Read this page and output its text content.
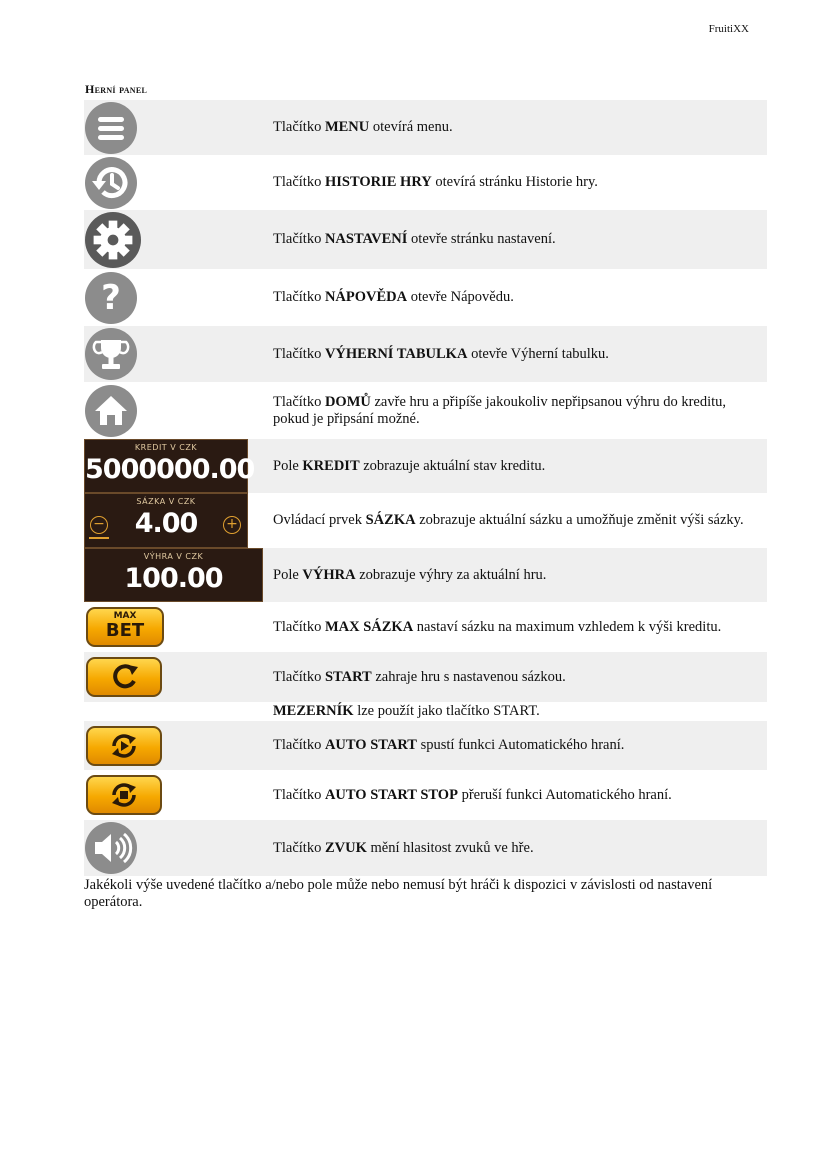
FruitiXX
Herní panel
Tlačítko MENU otevírá menu.
Tlačítko HISTORIE HRY otevírá stránku Historie hry.
Tlačítko NASTAVENÍ otevře stránku nastavení.
?	Tlačítko NÁPOVĚDA otevře Nápovědu.
Tlačítko VÝHERNÍ TABULKA otevře Výherní tabulku.
Tlačítko DOMŮ zavře hru a připíše jakoukoliv nepřipsanou výhru do kreditu, pokud je připsání možné.
KREDIT V CZK
5000000.00	Pole KREDIT zobrazuje aktuální stav kreditu.
SÁZKA V CZK
4.00
−	+	Ovládací prvek SÁZKA zobrazuje aktuální sázku a umožňuje změnit výši sázky.
VÝHRA V CZK
100.00	Pole VÝHRA zobrazuje výhry za aktuální hru.
MAX
BET	Tlačítko MAX SÁZKA nastaví sázku na maximum vzhledem k výši kreditu.
Tlačítko START zahraje hru s nastavenou sázkou.
MEZERNÍK lze použít jako tlačítko START.
Tlačítko AUTO START spustí funkci Automatického hraní.
Tlačítko AUTO START STOP přeruší funkci Automatického hraní.
Tlačítko ZVUK mění hlasitost zvuků ve hře.
Jakékoli výše uvedené tlačítko a/nebo pole může nebo nemusí být hráči k dispozici v závislosti od nastavení operátora.
